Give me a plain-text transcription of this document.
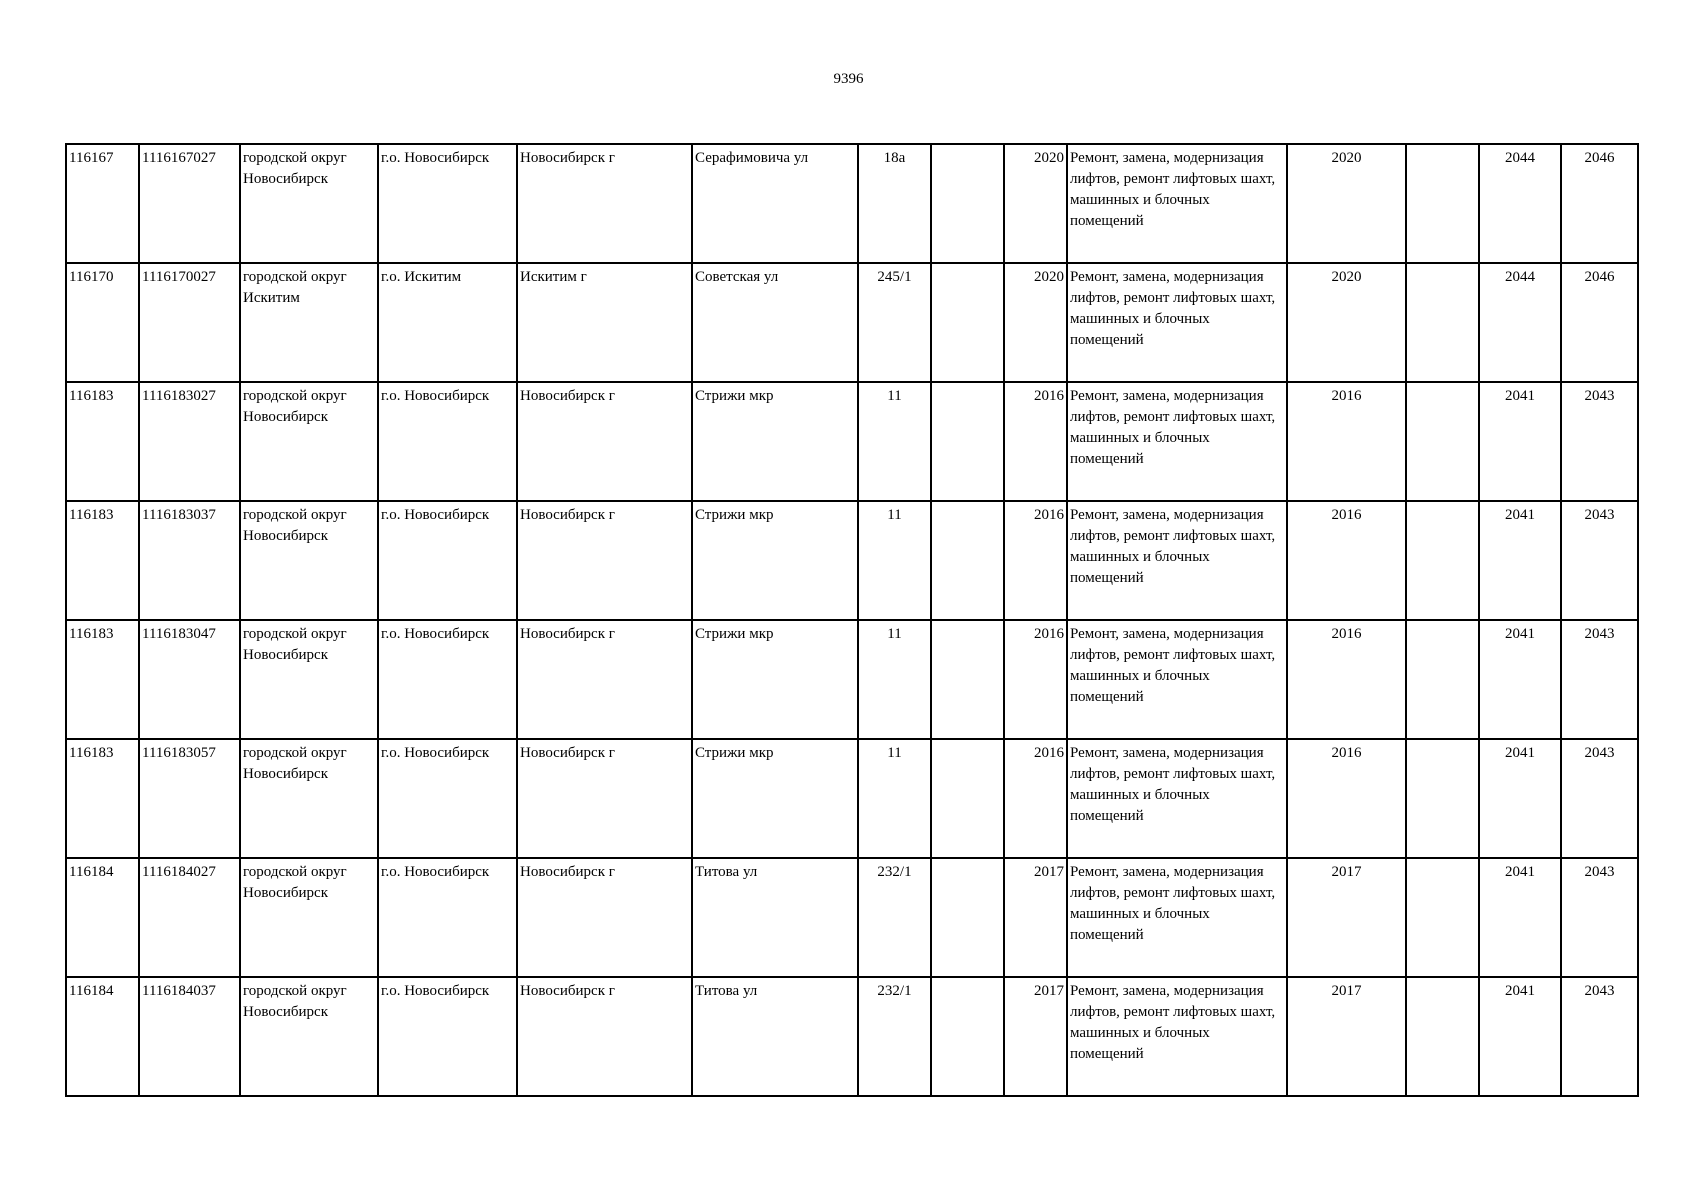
9396
116167	1116167027	городской округ Новосибирск	г.о. Новосибирск	Новосибирск г	Серафимовича ул	18а		2020	Ремонт, замена, модернизация лифтов, ремонт лифтовых шахт, машинных и блочных помещений	2020		2044	2046
116170	1116170027	городской округ Искитим	г.о. Искитим	Искитим г	Советская ул	245/1		2020	Ремонт, замена, модернизация лифтов, ремонт лифтовых шахт, машинных и блочных помещений	2020		2044	2046
116183	1116183027	городской округ Новосибирск	г.о. Новосибирск	Новосибирск г	Стрижи мкр	11		2016	Ремонт, замена, модернизация лифтов, ремонт лифтовых шахт, машинных и блочных помещений	2016		2041	2043
116183	1116183037	городской округ Новосибирск	г.о. Новосибирск	Новосибирск г	Стрижи мкр	11		2016	Ремонт, замена, модернизация лифтов, ремонт лифтовых шахт, машинных и блочных помещений	2016		2041	2043
116183	1116183047	городской округ Новосибирск	г.о. Новосибирск	Новосибирск г	Стрижи мкр	11		2016	Ремонт, замена, модернизация лифтов, ремонт лифтовых шахт, машинных и блочных помещений	2016		2041	2043
116183	1116183057	городской округ Новосибирск	г.о. Новосибирск	Новосибирск г	Стрижи мкр	11		2016	Ремонт, замена, модернизация лифтов, ремонт лифтовых шахт, машинных и блочных помещений	2016		2041	2043
116184	1116184027	городской округ Новосибирск	г.о. Новосибирск	Новосибирск г	Титова ул	232/1		2017	Ремонт, замена, модернизация лифтов, ремонт лифтовых шахт, машинных и блочных помещений	2017		2041	2043
116184	1116184037	городской округ Новосибирск	г.о. Новосибирск	Новосибирск г	Титова ул	232/1		2017	Ремонт, замена, модернизация лифтов, ремонт лифтовых шахт, машинных и блочных помещений	2017		2041	2043
